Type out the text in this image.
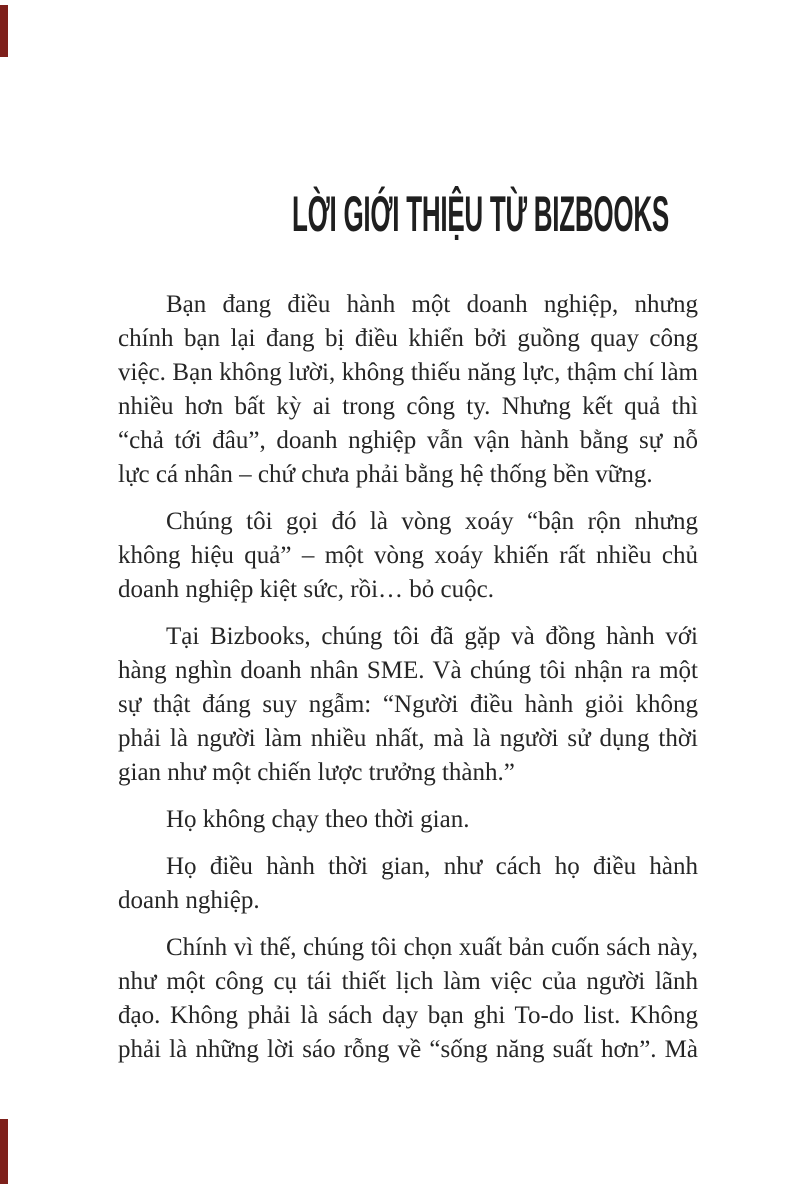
LỜI GIỚI THIỆU TỪ BIZBOOKS
Bạn đang điều hành một doanh nghiệp, nhưng
chính bạn lại đang bị điều khiển bởi guồng quay công
việc. Bạn không lười, không thiếu năng lực, thậm chí làm
nhiều hơn bất kỳ ai trong công ty. Nhưng kết quả thì
“chả tới đâu”, doanh nghiệp vẫn vận hành bằng sự nỗ
lực cá nhân – chứ chưa phải bằng hệ thống bền vững.
Chúng tôi gọi đó là vòng xoáy “bận rộn nhưng
không hiệu quả” – một vòng xoáy khiến rất nhiều chủ
doanh nghiệp kiệt sức, rồi… bỏ cuộc.
Tại Bizbooks, chúng tôi đã gặp và đồng hành với
hàng nghìn doanh nhân SME. Và chúng tôi nhận ra một
sự thật đáng suy ngẫm: “Người điều hành giỏi không
phải là người làm nhiều nhất, mà là người sử dụng thời
gian như một chiến lược trưởng thành.”
Họ không chạy theo thời gian.
Họ điều hành thời gian, như cách họ điều hành
doanh nghiệp.
Chính vì thế, chúng tôi chọn xuất bản cuốn sách này,
như một công cụ tái thiết lịch làm việc của người lãnh
đạo. Không phải là sách dạy bạn ghi To-do list. Không
phải là những lời sáo rỗng về “sống năng suất hơn”. Mà
